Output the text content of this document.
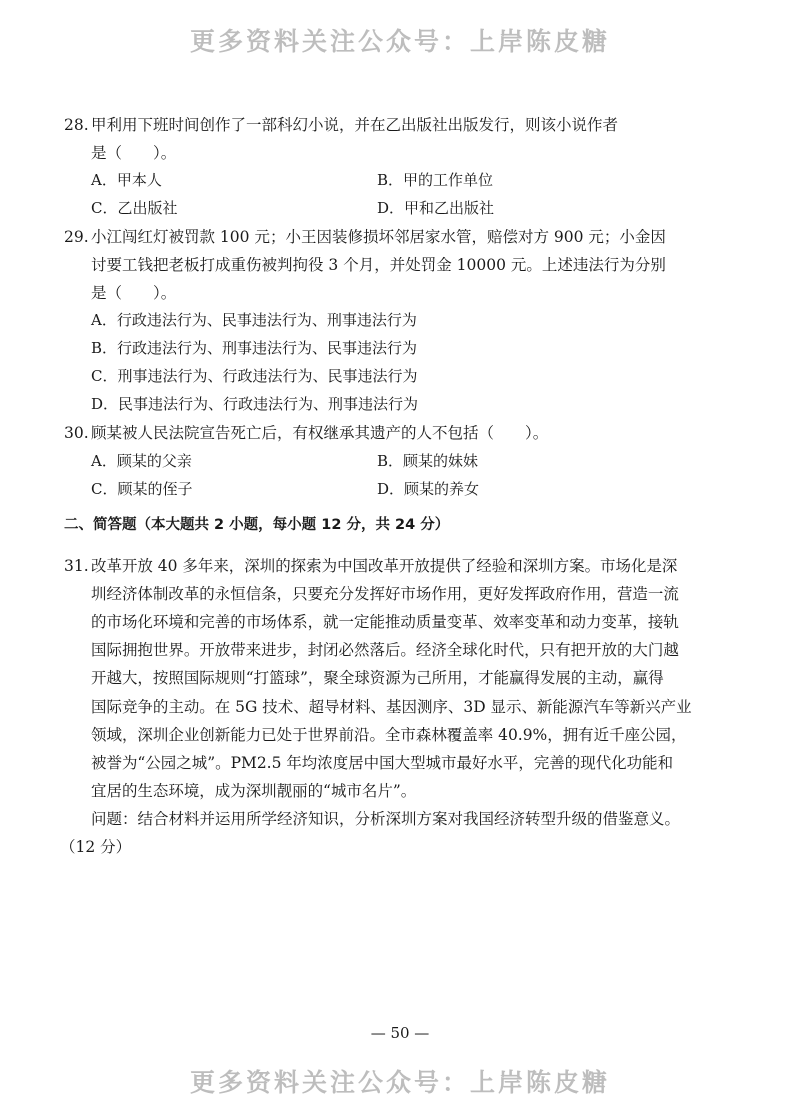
更多资料关注公众号：上岸陈皮糖
28. 甲利用下班时间创作了一部科幻小说，并在乙出版社出版发行，则该小说作者
是（　　）。
A．甲本人	B．甲的工作单位
C．乙出版社	D．甲和乙出版社
29. 小江闯红灯被罚款 100 元；小王因装修损坏邻居家水管，赔偿对方 900 元；小金因
讨要工钱把老板打成重伤被判拘役 3 个月，并处罚金 10000 元。上述违法行为分别
是（　　）。
A．行政违法行为、民事违法行为、刑事违法行为
B．行政违法行为、刑事违法行为、民事违法行为
C．刑事违法行为、行政违法行为、民事违法行为
D．民事违法行为、行政违法行为、刑事违法行为
30. 顾某被人民法院宣告死亡后，有权继承其遗产的人不包括（　　）。
A．顾某的父亲	B．顾某的妹妹
C．顾某的侄子	D．顾某的养女
二、简答题（本大题共 2 小题，每小题 12 分，共 24 分）
31. 改革开放 40 多年来，深圳的探索为中国改革开放提供了经验和深圳方案。市场化是深
圳经济体制改革的永恒信条，只要充分发挥好市场作用，更好发挥政府作用，营造一流
的市场化环境和完善的市场体系，就一定能推动质量变革、效率变革和动力变革，接轨
国际拥抱世界。开放带来进步，封闭必然落后。经济全球化时代，只有把开放的大门越
开越大，按照国际规则“打篮球”，聚全球资源为己所用，才能赢得发展的主动，赢得
国际竞争的主动。在 5G 技术、超导材料、基因测序、3D 显示、新能源汽车等新兴产业
领域，深圳企业创新能力已处于世界前沿。全市森林覆盖率 40.9%，拥有近千座公园，
被誉为“公园之城”。PM2.5 年均浓度居中国大型城市最好水平，完善的现代化功能和
宜居的生态环境，成为深圳靓丽的“城市名片”。
问题：结合材料并运用所学经济知识，分析深圳方案对我国经济转型升级的借鉴意义。
（12 分）
— 50 —
更多资料关注公众号：上岸陈皮糖
